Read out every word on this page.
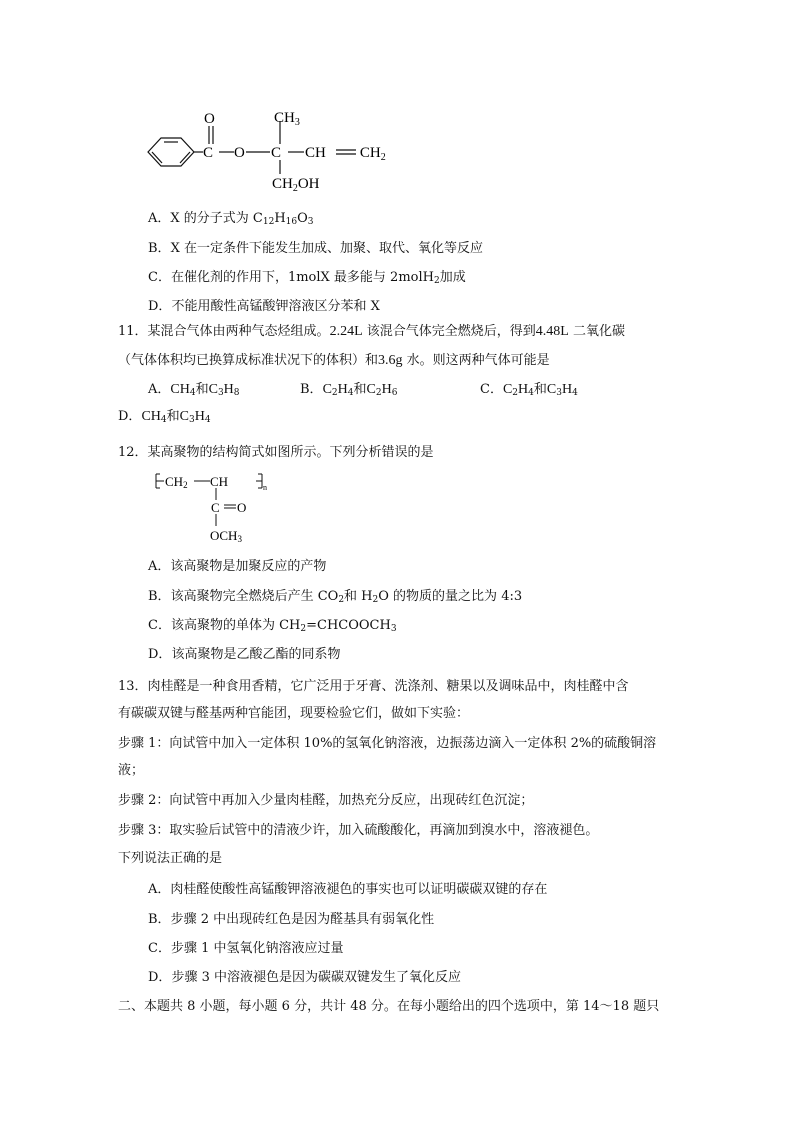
O
C O C
$CH_3$
CH $CH_2$
$CH_2OH$
A．X 的分子式为 $C_{12}H_{16}O_3$
B．X 在一定条件下能发生加成、加聚、取代、氧化等反应
C．在催化剂的作用下，1molX 最多能与 2molH$_2$加成
D．不能用酸性高锰酸钾溶液区分苯和 X
11．某混合气体由两种气态烃组成。2.24L 该混合气体完全燃烧后，得到4.48L 二氧化碳
（气体体积均已换算成标准状况下的体积）和3.6g 水。则这两种气体可能是
A．$CH_4$和$C_3H_8$	B．$C_2H_4$和$C_2H_6$	C．$C_2H_4$和$C_3H_4$
D．$CH_4$和$C_3H_4$
12．某高聚物的结构简式如图所示。下列分析错误的是
CH2 CH	n
C O
OCH3
A．该高聚物是加聚反应的产物
B．该高聚物完全燃烧后产生 $CO_2$和 $H_2O$ 的物质的量之比为 4:3
C．该高聚物的单体为 $CH_2=CHCOOCH_3$
D．该高聚物是乙酸乙酯的同系物
13．肉桂醛是一种食用香精，它广泛用于牙膏、洗涤剂、糖果以及调味品中，肉桂醛中含
有碳碳双键与醛基两种官能团，现要检验它们，做如下实验：
步骤 1：向试管中加入一定体积 10%的氢氧化钠溶液，边振荡边滴入一定体积 2%的硫酸铜溶
液；
步骤 2：向试管中再加入少量肉桂醛，加热充分反应，出现砖红色沉淀；
步骤 3：取实验后试管中的清液少许，加入硫酸酸化，再滴加到溴水中，溶液褪色。
下列说法正确的是
A．肉桂醛使酸性高锰酸钾溶液褪色的事实也可以证明碳碳双键的存在
B．步骤 2 中出现砖红色是因为醛基具有弱氧化性
C．步骤 1 中氢氧化钠溶液应过量
D．步骤 3 中溶液褪色是因为碳碳双键发生了氧化反应
二、本题共 8 小题，每小题 6 分，共计 48 分。在每小题给出的四个选项中，第 14～18 题只
